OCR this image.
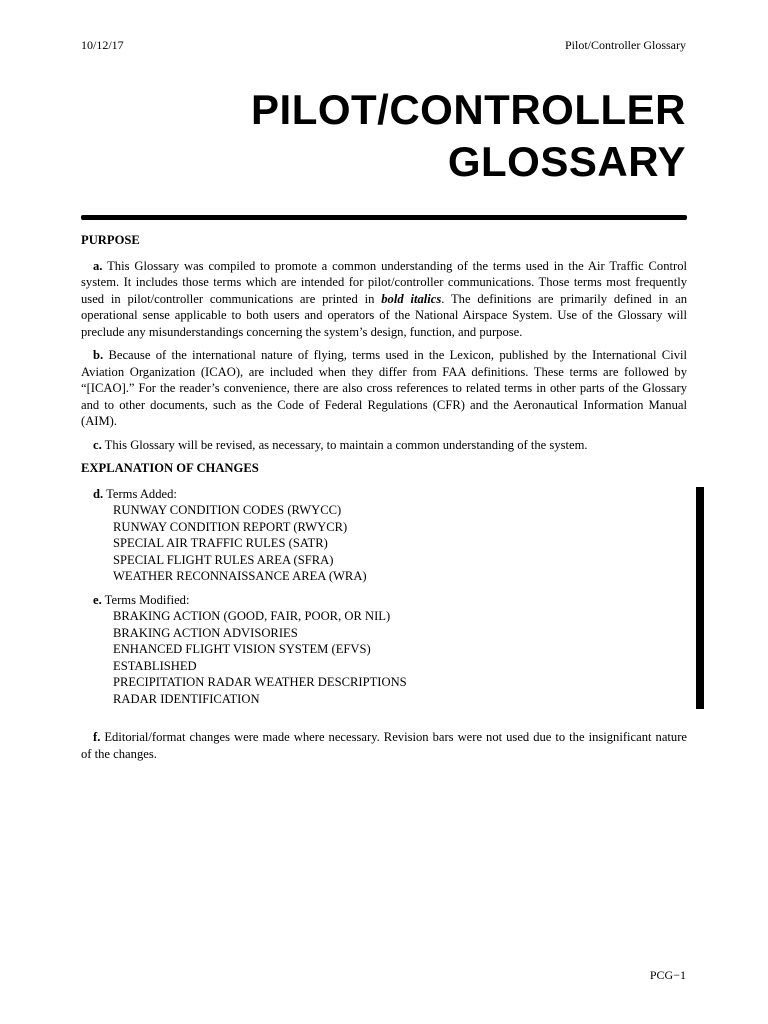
10/12/17	Pilot/Controller Glossary
PILOT/CONTROLLER
GLOSSARY
PURPOSE

a. This Glossary was compiled to promote a common understanding of the terms used in the Air Traffic Control system. It includes those terms which are intended for pilot/controller communications. Those terms most frequently used in pilot/controller communications are printed in bold italics. The definitions are primarily defined in an operational sense applicable to both users and operators of the National Airspace System. Use of the Glossary will preclude any misunderstandings concerning the system’s design, function, and purpose.

b. Because of the international nature of flying, terms used in the Lexicon, published by the International Civil Aviation Organization (ICAO), are included when they differ from FAA definitions. These terms are followed by “[ICAO].” For the reader’s convenience, there are also cross references to related terms in other parts of the Glossary and to other documents, such as the Code of Federal Regulations (CFR) and the Aeronautical Information Manual (AIM).

c. This Glossary will be revised, as necessary, to maintain a common understanding of the system.

EXPLANATION OF CHANGES
d. Terms Added:
RUNWAY CONDITION CODES (RWYCC)
RUNWAY CONDITION REPORT (RWYCR)
SPECIAL AIR TRAFFIC RULES (SATR)
SPECIAL FLIGHT RULES AREA (SFRA)
WEATHER RECONNAISSANCE AREA (WRA)
e. Terms Modified:
BRAKING ACTION (GOOD, FAIR, POOR, OR NIL)
BRAKING ACTION ADVISORIES
ENHANCED FLIGHT VISION SYSTEM (EFVS)
ESTABLISHED
PRECIPITATION RADAR WEATHER DESCRIPTIONS
RADAR IDENTIFICATION

f. Editorial/format changes were made where necessary. Revision bars were not used due to the insignificant nature of the changes.

PCG−1
